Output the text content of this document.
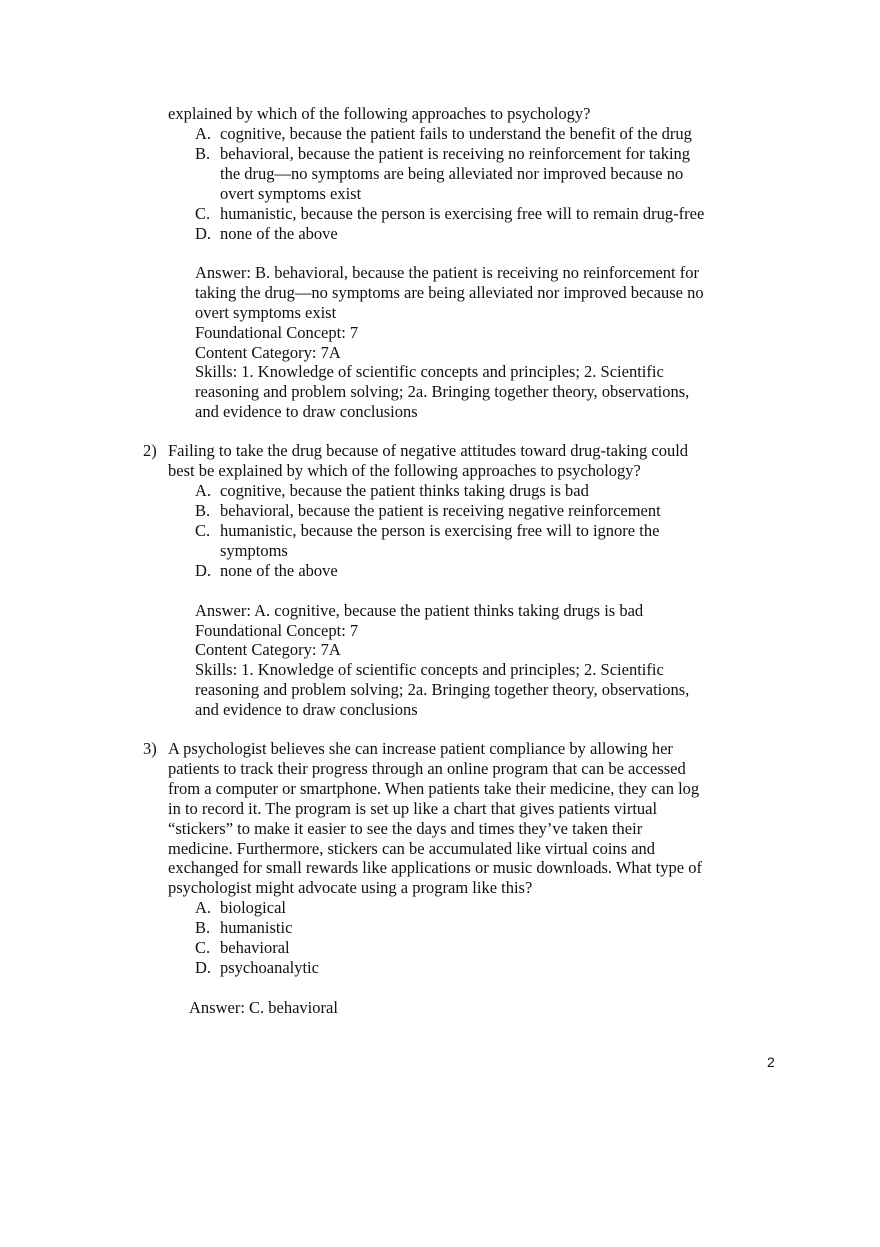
explained by which of the following approaches to psychology?
A. cognitive, because the patient fails to understand the benefit of the drug
B. behavioral, because the patient is receiving no reinforcement for taking
the drug—no symptoms are being alleviated nor improved because no
overt symptoms exist
C. humanistic, because the person is exercising free will to remain drug-free
D. none of the above
Answer: B. behavioral, because the patient is receiving no reinforcement for
taking the drug—no symptoms are being alleviated nor improved because no
overt symptoms exist
Foundational Concept: 7
Content Category: 7A
Skills: 1. Knowledge of scientific concepts and principles; 2. Scientific
reasoning and problem solving; 2a. Bringing together theory, observations,
and evidence to draw conclusions
2) Failing to take the drug because of negative attitudes toward drug-taking could
best be explained by which of the following approaches to psychology?
A. cognitive, because the patient thinks taking drugs is bad
B. behavioral, because the patient is receiving negative reinforcement
C. humanistic, because the person is exercising free will to ignore the
symptoms
D. none of the above
Answer: A. cognitive, because the patient thinks taking drugs is bad
Foundational Concept: 7
Content Category: 7A
Skills: 1. Knowledge of scientific concepts and principles; 2. Scientific
reasoning and problem solving; 2a. Bringing together theory, observations,
and evidence to draw conclusions
3) A psychologist believes she can increase patient compliance by allowing her
patients to track their progress through an online program that can be accessed
from a computer or smartphone. When patients take their medicine, they can log
in to record it. The program is set up like a chart that gives patients virtual
“stickers” to make it easier to see the days and times they’ve taken their
medicine. Furthermore, stickers can be accumulated like virtual coins and
exchanged for small rewards like applications or music downloads. What type of
psychologist might advocate using a program like this?
A. biological
B. humanistic
C. behavioral
D. psychoanalytic
Answer: C. behavioral
2
